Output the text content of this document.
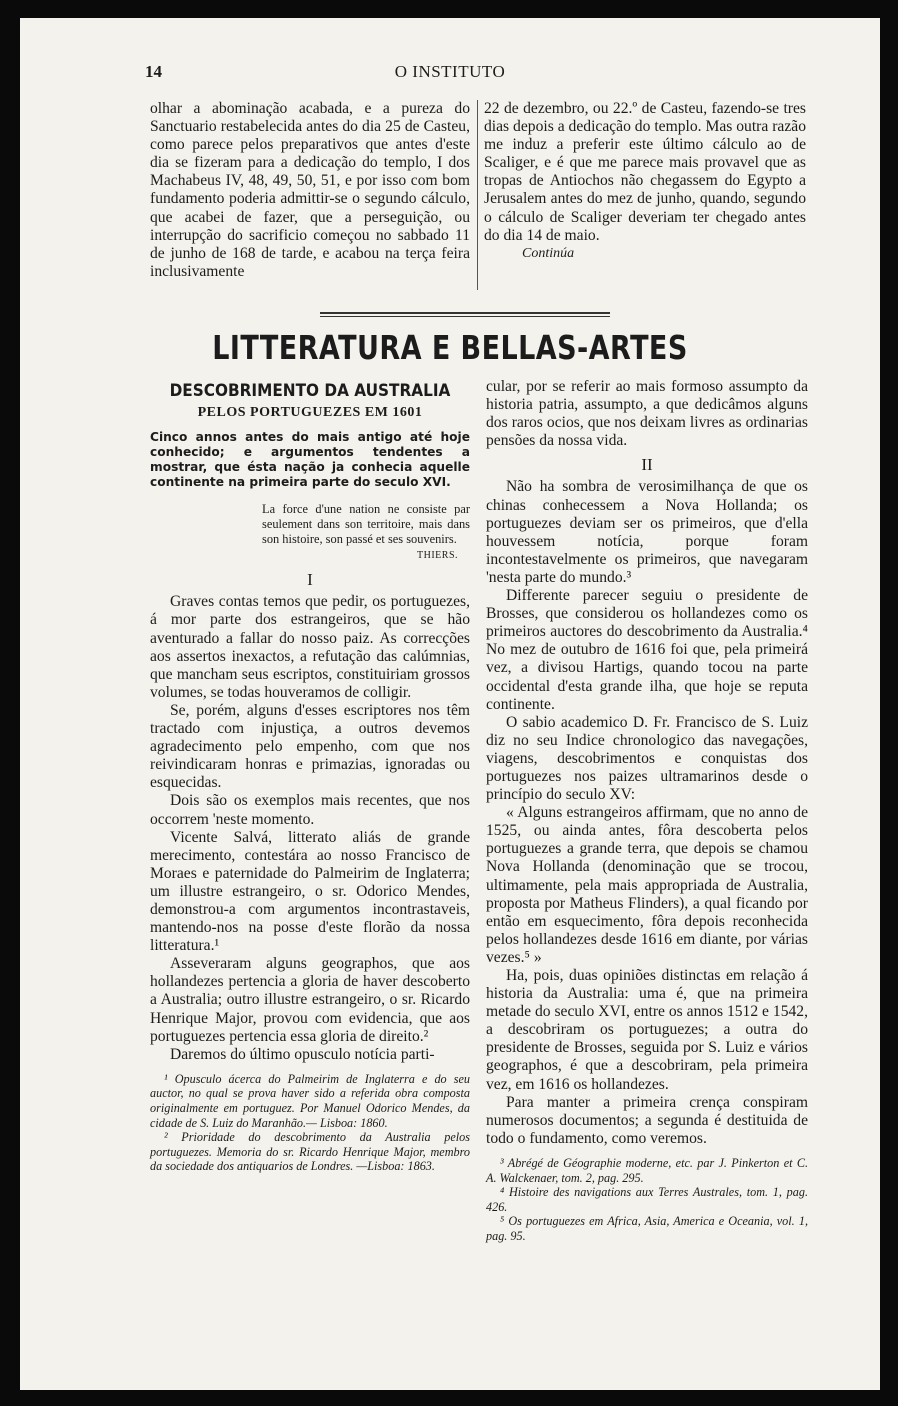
14	O INSTITUTO

olhar a abominação acabada, e a pureza do Sanctuario restabelecida antes do dia 25 de Casteu, como parece pelos preparativos que antes d'este dia se fizeram para a dedicação do templo, I dos Machabeus IV, 48, 49, 50, 51, e por isso com bom fundamento poderia admittir-se o segundo cálculo, que acabei de fazer, que a perseguição, ou interrupção do sacrificio começou no sabbado 11 de junho de 168 de tarde, e acabou na terça feira inclusivamente

22 de dezembro, ou 22.º de Casteu, fazendo-se tres dias depois a dedicação do templo. Mas outra razão me induz a preferir este último cálculo ao de Scaliger, e é que me parece mais provavel que as tropas de Antiochos não chegassem do Egypto a Jerusalem antes do mez de junho, quando, segundo o cálculo de Scaliger deveriam ter chegado antes do dia 14 de maio.

Continúa

LITTERATURA E BELLAS-ARTES
DESCOBRIMENTO DA AUSTRALIA
PELOS PORTUGUEZES EM 1601
Cinco annos antes do mais antigo até hoje conhecido; e argumentos tendentes a mostrar, que ésta nação ja conhecia aquelle continente na primeira parte do seculo XVI.
La force d'une nation ne consiste par seulement dans son territoire, mais dans son histoire, son passé et ses souvenirs.
THIERS.
I

Graves contas temos que pedir, os portuguezes, á mor parte dos estrangeiros, que se hão aventurado a fallar do nosso paiz. As correcções aos assertos inexactos, a refutação das calúmnias, que mancham seus escriptos, constituiriam grossos volumes, se todas houveramos de colligir.

Se, porém, alguns d'esses escriptores nos têm tractado com injustiça, a outros devemos agradecimento pelo empenho, com que nos reivindicaram honras e primazias, ignoradas ou esquecidas.

Dois são os exemplos mais recentes, que nos occorrem 'neste momento.

Vicente Salvá, litterato aliás de grande merecimento, contestára ao nosso Francisco de Moraes e paternidade do Palmeirim de Inglaterra; um illustre estrangeiro, o sr. Odorico Mendes, demonstrou-a com argumentos incontrastaveis, mantendo-nos na posse d'este florão da nossa litteratura.¹

Asseveraram alguns geographos, que aos hollandezes pertencia a gloria de haver descoberto a Australia; outro illustre estrangeiro, o sr. Ricardo Henrique Major, provou com evidencia, que aos portuguezes pertencia essa gloria de direito.²

Daremos do último opusculo notícia parti-

¹ Opusculo ácerca do Palmeirim de Inglaterra e do seu auctor, no qual se prova haver sido a referida obra composta originalmente em portuguez. Por Manuel Odorico Mendes, da cidade de S. Luiz do Maranhão.— Lisboa: 1860.

² Prioridade do descobrimento da Australia pelos portuguezes. Memoria do sr. Ricardo Henrique Major, membro da sociedade dos antiquarios de Londres. —Lisboa: 1863.

cular, por se referir ao mais formoso assumpto da historia patria, assumpto, a que dedicâmos alguns dos raros ocios, que nos deixam livres as ordinarias pensões da nossa vida.

II

Não ha sombra de verosimilhança de que os chinas conhecessem a Nova Hollanda; os portuguezes deviam ser os primeiros, que d'ella houvessem notícia, porque foram incontestavelmente os primeiros, que navegaram 'nesta parte do mundo.³

Differente parecer seguiu o presidente de Brosses, que considerou os hollandezes como os primeiros auctores do descobrimento da Australia.⁴ No mez de outubro de 1616 foi que, pela primeirá vez, a divisou Hartigs, quando tocou na parte occidental d'esta grande ilha, que hoje se reputa continente.

O sabio academico D. Fr. Francisco de S. Luiz diz no seu Indice chronologico das navegações, viagens, descobrimentos e conquistas dos portuguezes nos paizes ultramarinos desde o princípio do seculo XV:

« Alguns estrangeiros affirmam, que no anno de 1525, ou ainda antes, fôra descoberta pelos portuguezes a grande terra, que depois se chamou Nova Hollanda (denominação que se trocou, ultimamente, pela mais appropriada de Australia, proposta por Matheus Flinders), a qual ficando por então em esquecimento, fôra depois reconhecida pelos hollandezes desde 1616 em diante, por várias vezes.⁵ »

Ha, pois, duas opiniões distinctas em relação á historia da Australia: uma é, que na primeira metade do seculo XVI, entre os annos 1512 e 1542, a descobriram os portuguezes; a outra do presidente de Brosses, seguida por S. Luiz e vários geographos, é que a descobriram, pela primeira vez, em 1616 os hollandezes.

Para manter a primeira crença conspiram numerosos documentos; a segunda é destituida de todo o fundamento, como veremos.

³ Abrégé de Géographie moderne, etc. par J. Pinkerton et C. A. Walckenaer, tom. 2, pag. 295.

⁴ Histoire des navigations aux Terres Australes, tom. 1, pag. 426.

⁵ Os portuguezes em Africa, Asia, America e Oceania, vol. 1, pag. 95.
